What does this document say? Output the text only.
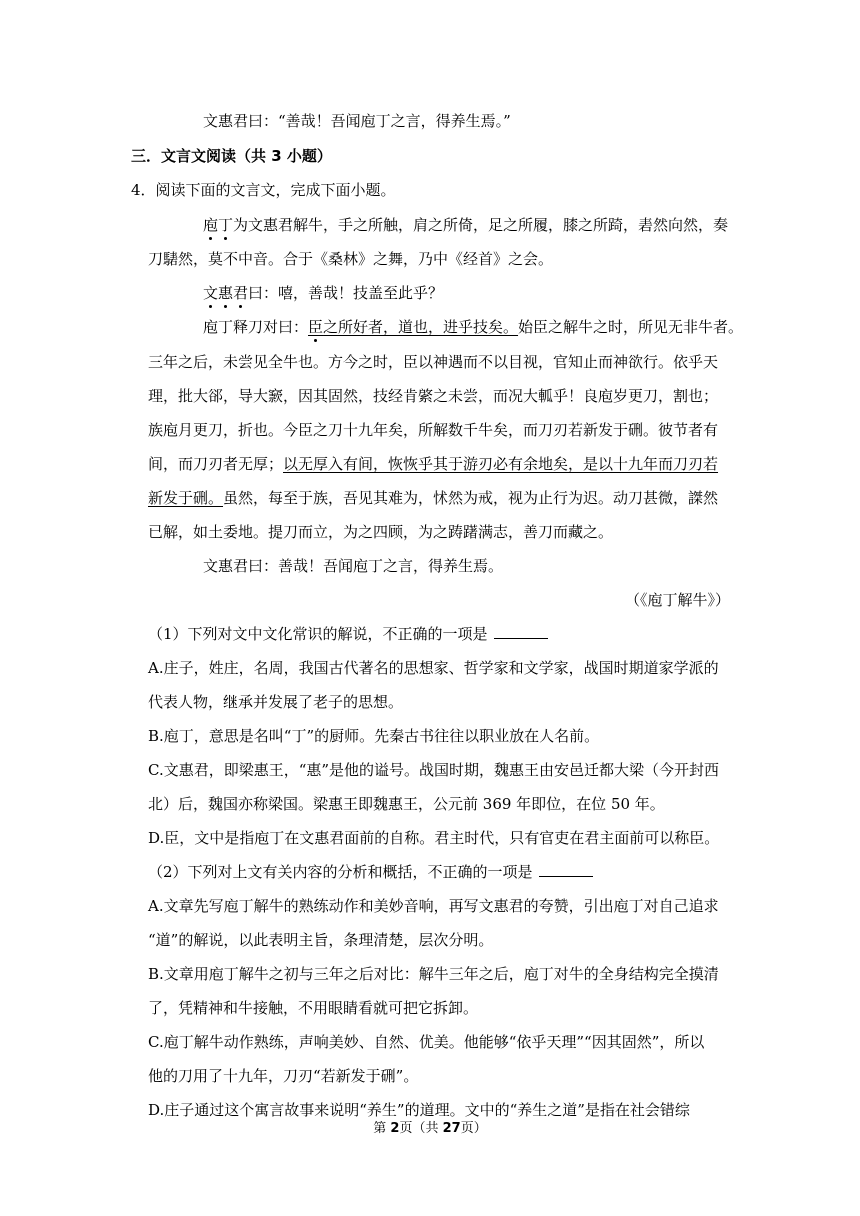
文惠君曰：“善哉！吾闻庖丁之言，得养生焉。”
三．文言文阅读（共 3 小题）
4．阅读下面的文言文，完成下面小题。
庖丁为文惠君解牛，手之所触，肩之所倚，足之所履，膝之所踦，砉然向然，奏
刀騞然，莫不中音。合于《桑林》之舞，乃中《经首》之会。
文惠君曰：嘻，善哉！技盖至此乎？
庖丁释刀对曰：臣之所好者，道也，进乎技矣。始臣之解牛之时，所见无非牛者。
三年之后，未尝见全牛也。方今之时，臣以神遇而不以目视，官知止而神欲行。依乎天
理，批大郤，导大窾，因其固然，技经肯綮之未尝，而况大軱乎！良庖岁更刀，割也；
族庖月更刀，折也。今臣之刀十九年矣，所解数千牛矣，而刀刃若新发于硎。彼节者有
间，而刀刃者无厚；以无厚入有间，恢恢乎其于游刃必有余地矣，是以十九年而刀刃若
新发于硎。虽然，每至于族，吾见其难为，怵然为戒，视为止行为迟。动刀甚微，謋然
已解，如土委地。提刀而立，为之四顾，为之踌躇满志，善刀而藏之。
文惠君曰：善哉！吾闻庖丁之言，得养生焉。
（《庖丁解牛》）
（1）下列对文中文化常识的解说，不正确的一项是
A.庄子，姓庄，名周，我国古代著名的思想家、哲学家和文学家，战国时期道家学派的
代表人物，继承并发展了老子的思想。
B.庖丁，意思是名叫“丁”的厨师。先秦古书往往以职业放在人名前。
C.文惠君，即梁惠王，“惠”是他的谥号。战国时期，魏惠王由安邑迁都大梁（今开封西
北）后，魏国亦称梁国。梁惠王即魏惠王，公元前 369 年即位，在位 50 年。
D.臣，文中是指庖丁在文惠君面前的自称。君主时代，只有官吏在君主面前可以称臣。
（2）下列对上文有关内容的分析和概括，不正确的一项是
A.文章先写庖丁解牛的熟练动作和美妙音响，再写文惠君的夸赞，引出庖丁对自己追求
“道”的解说，以此表明主旨，条理清楚，层次分明。
B.文章用庖丁解牛之初与三年之后对比：解牛三年之后，庖丁对牛的全身结构完全摸清
了，凭精神和牛接触，不用眼睛看就可把它拆卸。
C.庖丁解牛动作熟练，声响美妙、自然、优美。他能够“依乎天理”“因其固然”，所以
他的刀用了十九年，刀刃“若新发于硎”。
D.庄子通过这个寓言故事来说明“养生”的道理。文中的“养生之道”是指在社会错综
第 2页（共 27页）
